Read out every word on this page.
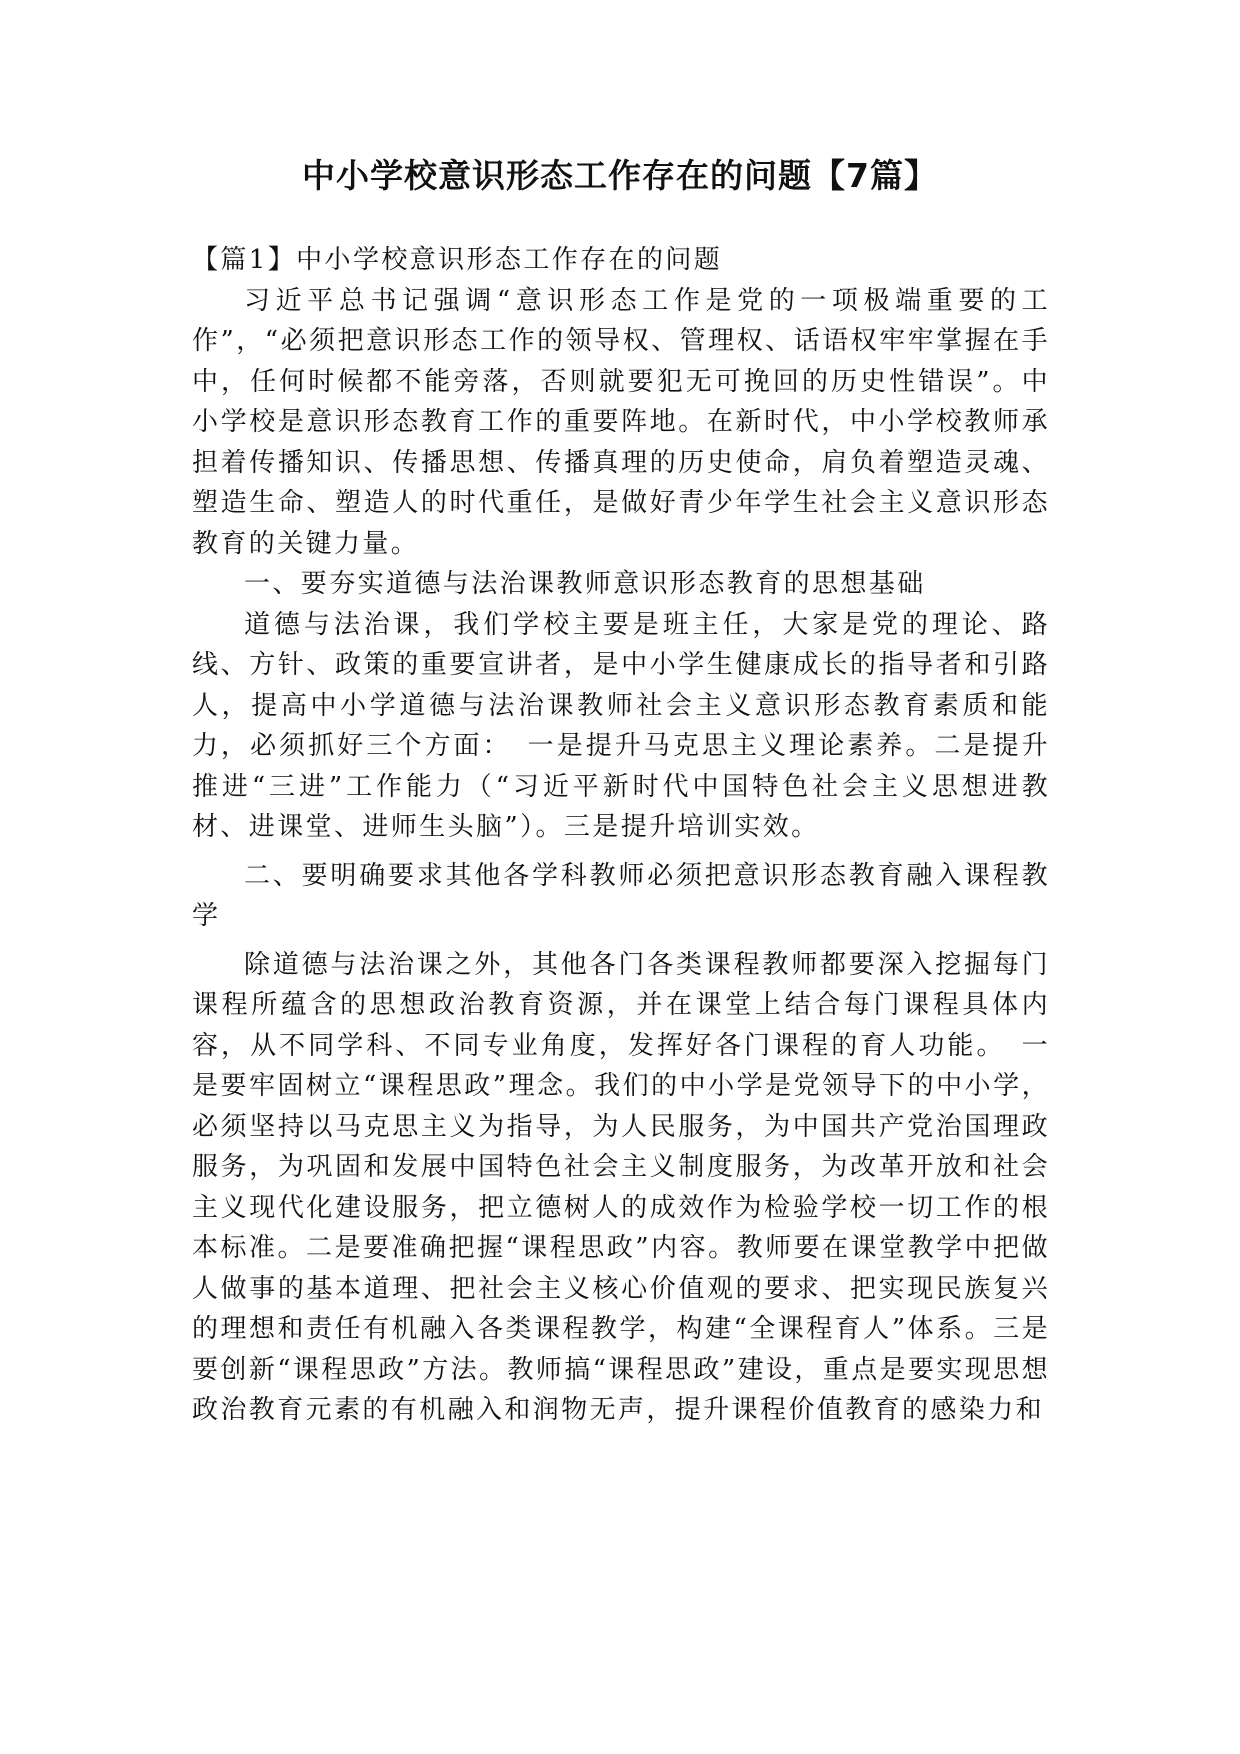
中小学校意识形态工作存在的问题【7篇】

【篇1】中小学校意识形态工作存在的问题

习近平总书记强调“意识形态工作是党的一项极端重要的工作”，“必须把意识形态工作的领导权、管理权、话语权牢牢掌握在手中，任何时候都不能旁落，否则就要犯无可挽回的历史性错误”。中小学校是意识形态教育工作的重要阵地。在新时代，中小学校教师承担着传播知识、传播思想、传播真理的历史使命，肩负着塑造灵魂、塑造生命、塑造人的时代重任，是做好青少年学生社会主义意识形态教育的关键力量。

一、要夯实道德与法治课教师意识形态教育的思想基础

道德与法治课，我们学校主要是班主任，大家是党的理论、路线、方针、政策的重要宣讲者，是中小学生健康成长的指导者和引路人，提高中小学道德与法治课教师社会主义意识形态教育素质和能力，必须抓好三个方面：　一是提升马克思主义理论素养。二是提升推进“三进”工作能力（“习近平新时代中国特色社会主义思想进教材、进课堂、进师生头脑”）。三是提升培训实效。

二、要明确要求其他各学科教师必须把意识形态教育融入课程教学

除道德与法治课之外，其他各门各类课程教师都要深入挖掘每门课程所蕴含的思想政治教育资源，并在课堂上结合每门课程具体内容，从不同学科、不同专业角度，发挥好各门课程的育人功能。　一是要牢固树立“课程思政”理念。我们的中小学是党领导下的中小学，必须坚持以马克思主义为指导，为人民服务，为中国共产党治国理政服务，为巩固和发展中国特色社会主义制度服务，为改革开放和社会主义现代化建设服务，把立德树人的成效作为检验学校一切工作的根本标准。二是要准确把握“课程思政”内容。教师要在课堂教学中把做人做事的基本道理、把社会主义核心价值观的要求、把实现民族复兴的理想和责任有机融入各类课程教学，构建“全课程育人”体系。三是要创新“课程思政”方法。教师搞“课程思政”建设，重点是要实现思想政治教育元素的有机融入和润物无声，提升课程价值教育的感染力和
